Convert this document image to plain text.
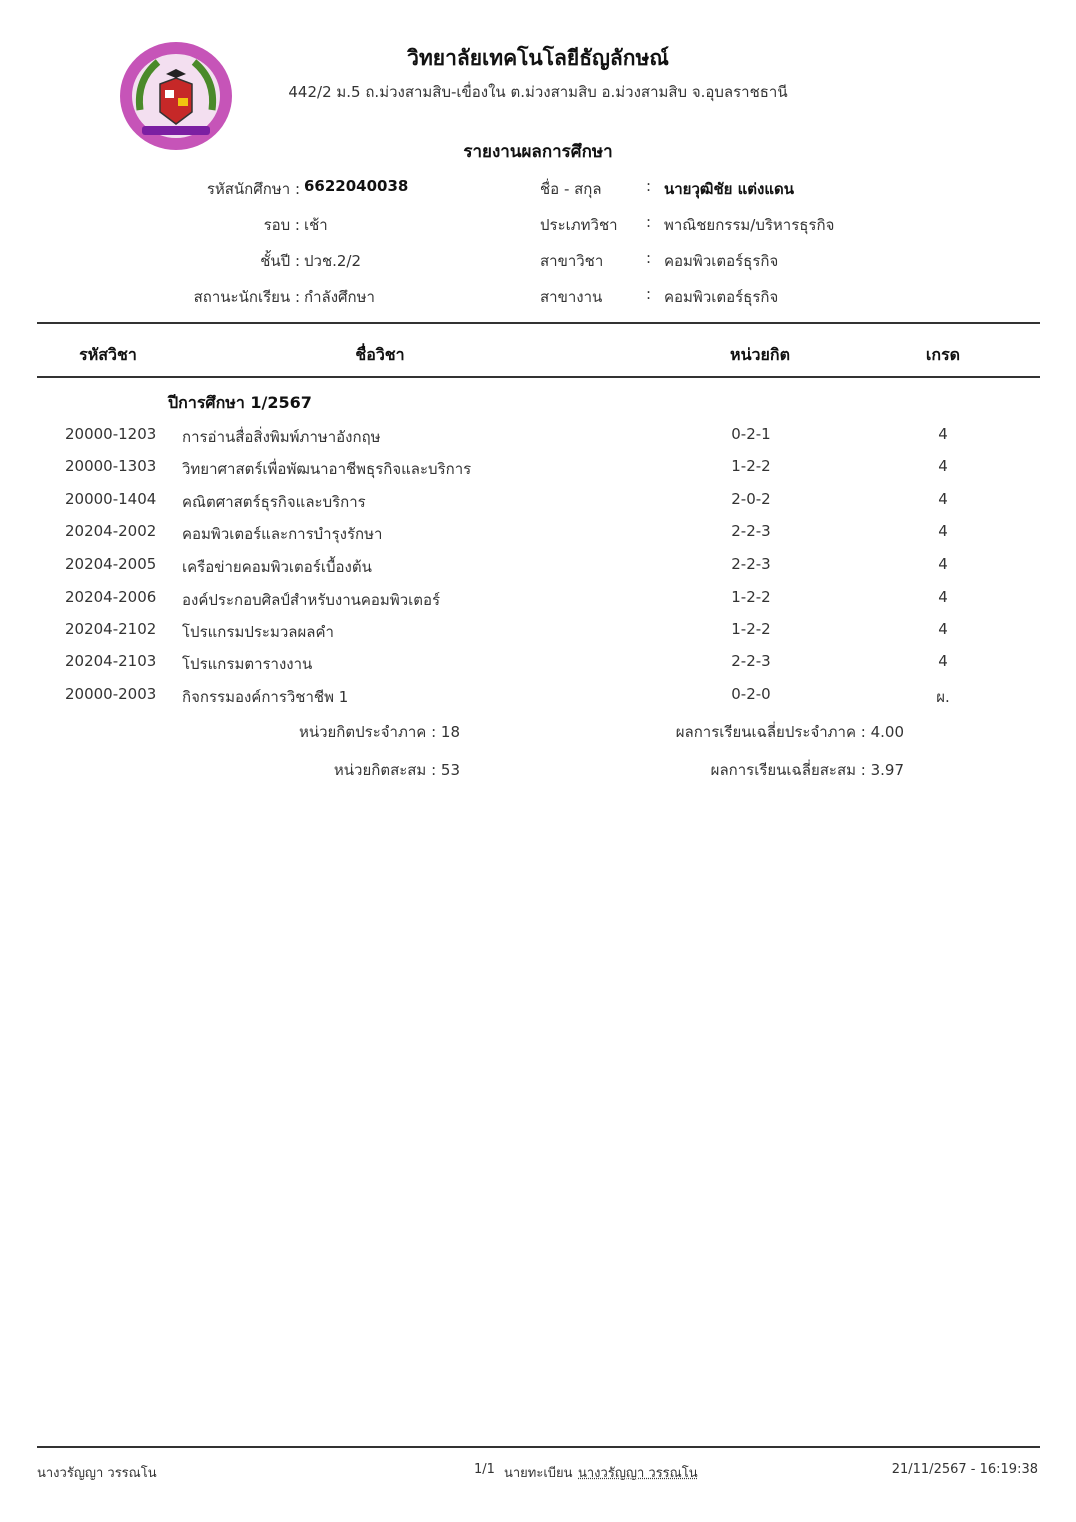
วิทยาลัยเทคโนโลยีธัญลักษณ์
442/2 ม.5 ถ.ม่วงสามสิบ-เขื่องใน ต.ม่วงสามสิบ อ.ม่วงสามสิบ จ.อุบลราชธานี
รายงานผลการศึกษา
รหัสนักศึกษา : 6622040038
รอบ : เช้า
ชั้นปี : ปวช.2/2
สถานะนักเรียน : กำลังศึกษา
ชื่อ - สกุล	: นายวุฒิชัย แต่งแดน
ประเภทวิชา : พาณิชยกรรม/บริหารธุรกิจ
สาขาวิชา	: คอมพิวเตอร์ธุรกิจ
สาขางาน	: คอมพิวเตอร์ธุรกิจ
รหัสวิชา	ชื่อวิชา	หน่วยกิต	เกรด
ปีการศึกษา 1/2567
20000-1203 การอ่านสื่อสิ่งพิมพ์ภาษาอังกฤษ	0-2-1	4
20000-1303 วิทยาศาสตร์เพื่อพัฒนาอาชีพธุรกิจและบริการ	1-2-2	4
20000-1404 คณิตศาสตร์ธุรกิจและบริการ	2-0-2	4
20204-2002 คอมพิวเตอร์และการบำรุงรักษา	2-2-3	4
20204-2005 เครือข่ายคอมพิวเตอร์เบื้องต้น	2-2-3	4
20204-2006 องค์ประกอบศิลป์สำหรับงานคอมพิวเตอร์	1-2-2	4
20204-2102 โปรแกรมประมวลผลคำ	1-2-2	4
20204-2103 โปรแกรมตารางงาน	2-2-3	4
20000-2003 กิจกรรมองค์การวิชาชีพ 1	0-2-0	ผ.
หน่วยกิตประจำภาค : 18	ผลการเรียนเฉลี่ยประจำภาค : 4.00
หน่วยกิตสะสม : 53	ผลการเรียนเฉลี่ยสะสม : 3.97
นางวรัญญา วรรณโน	1/1 นายทะเบียน นางวรัญญา วรรณโน	21/11/2567 - 16:19:38
